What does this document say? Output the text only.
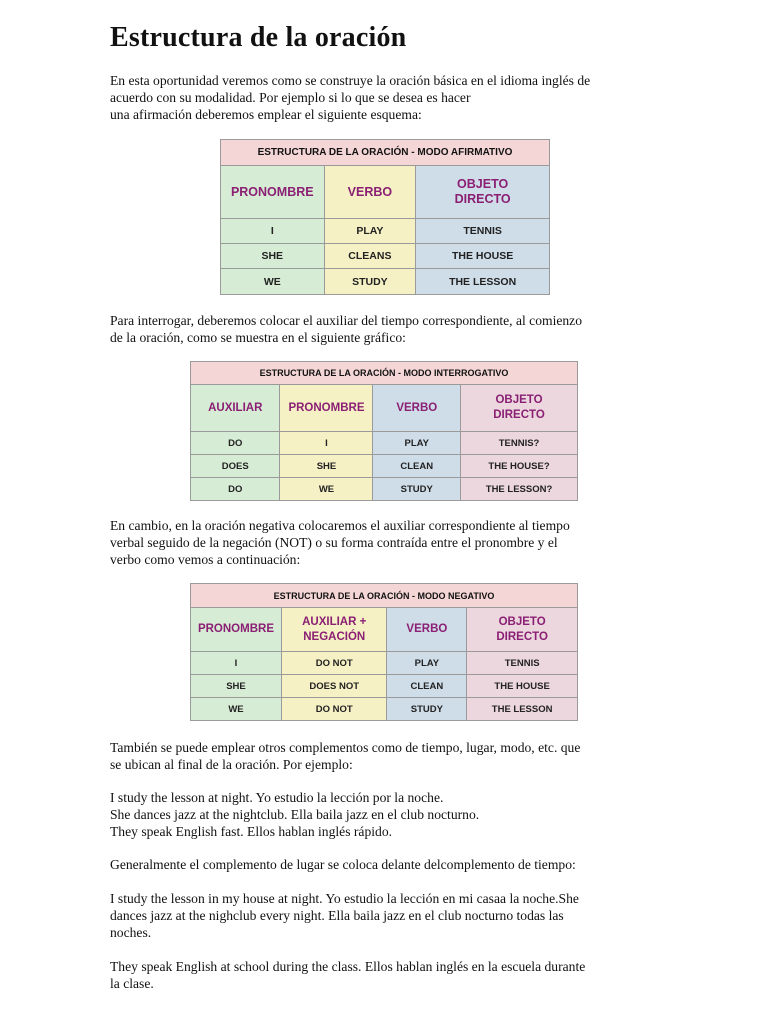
Estructura de la oración
En esta oportunidad veremos como se construye la oración básica en el idioma inglés de
acuerdo con su modalidad. Por ejemplo si lo que se desea es hacer
una afirmación deberemos emplear el siguiente esquema:
ESTRUCTURA DE LA ORACIÓN - MODO AFIRMATIVO		
PRONOMBRE	VERBO	OBJETO DIRECTO
I	PLAY	TENNIS
SHE	CLEANS	THE HOUSE
WE	STUDY	THE LESSON
Para interrogar, deberemos colocar el auxiliar del tiempo correspondiente, al comienzo
de la oración, como se muestra en el siguiente gráfico:
ESTRUCTURA DE LA ORACIÓN - MODO INTERROGATIVO			
AUXILIAR	PRONOMBRE	VERBO	OBJETO DIRECTO
DO	I	PLAY	TENNIS?
DOES	SHE	CLEAN	THE HOUSE?
DO	WE	STUDY	THE LESSON?
En cambio, en la oración negativa colocaremos el auxiliar correspondiente al tiempo
verbal seguido de la negación (NOT) o su forma contraída entre el pronombre y el
verbo como vemos a continuación:
ESTRUCTURA DE LA ORACIÓN - MODO NEGATIVO			
PRONOMBRE	AUXILIAR + NEGACIÓN	VERBO	OBJETO DIRECTO
I	DO NOT	PLAY	TENNIS
SHE	DOES NOT	CLEAN	THE HOUSE
WE	DO NOT	STUDY	THE LESSON
También se puede emplear otros complementos como de tiempo, lugar, modo, etc. que
se ubican al final de la oración. Por ejemplo:
I study the lesson at night. Yo estudio la lección por la noche.
She dances jazz at the nightclub. Ella baila jazz en el club nocturno.
They speak English fast. Ellos hablan inglés rápido.
Generalmente el complemento de lugar se coloca delante delcomplemento de tiempo:
I study the lesson in my house at night. Yo estudio la lección en mi casaa la noche.She
dances jazz at the nighclub every night. Ella baila jazz en el club nocturno todas las
noches.
They speak English at school during the class. Ellos hablan inglés en la escuela durante
la clase.
